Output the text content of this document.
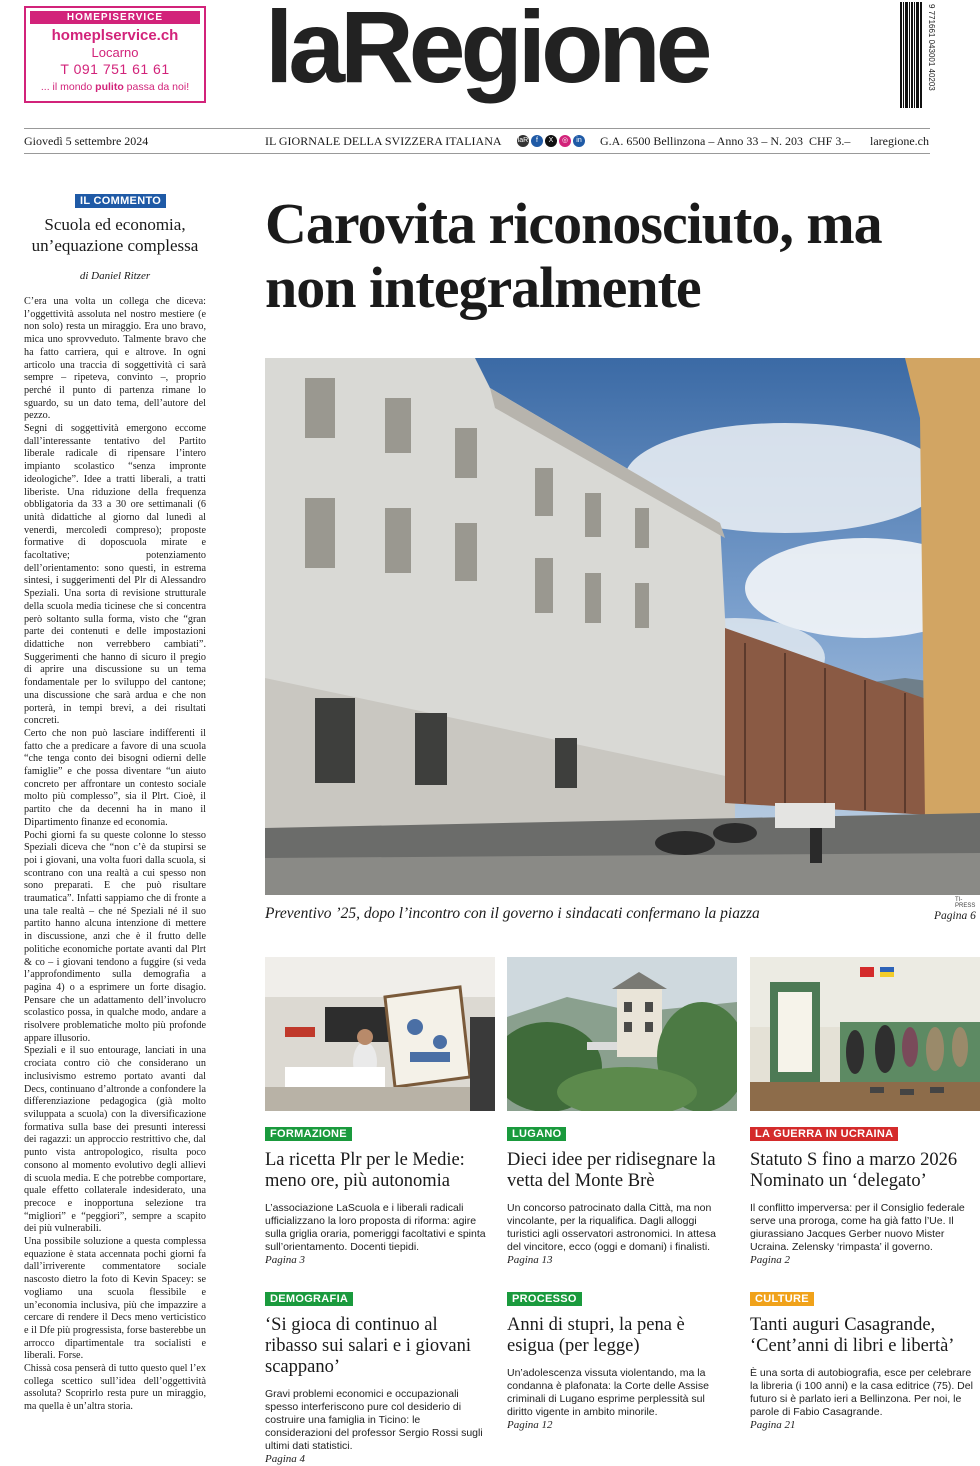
HOMEPISERVICE
homeplservice.ch
Locarno
T 091 751 61 61
... il mondo pulito passa da noi! laRegione	9 771661 043001 40203
Giovedì 5 settembre 2024	IL GIORNALE DELLA SVIZZERA ITALIANA laR	f	X	◎	in G.A. 6500 Bellinzona – Anno 33 – N. 203 CHF 3.– laregione.ch
IL COMMENTO
Scuola ed economia, un’equazione complessa
di Daniel Ritzer

C’era una volta un collega che diceva: l’oggettività assoluta nel nostro mestiere (e non solo) resta un miraggio. Era uno bravo, mica uno sprovveduto. Talmente bravo che ha fatto carriera, qui e altrove. In ogni articolo una traccia di soggettività ci sarà sempre – ripeteva, convinto –, proprio perché il punto di partenza rimane lo sguardo, su un dato tema, dell’autore del pezzo.

Segni di soggettività emergono eccome dall’interessante tentativo del Partito liberale radicale di ripensare l’intero impianto scolastico “senza impronte ideologiche”. Idee a tratti liberali, a tratti liberiste. Una riduzione della frequenza obbligatoria da 33 a 30 ore settimanali (6 unità didattiche al giorno dal lunedì al venerdì, mercoledì compreso); proposte formative di doposcuola mirate e facoltative; potenziamento dell’orientamento: sono questi, in estrema sintesi, i suggerimenti del Plr di Alessandro Speziali. Una sorta di revisione strutturale della scuola media ticinese che si concentra però soltanto sulla forma, visto che “gran parte dei contenuti e delle impostazioni didattiche non verrebbero cambiati”. Suggerimenti che hanno di sicuro il pregio di aprire una discussione su un tema fondamentale per lo sviluppo del cantone; una discussione che sarà ardua e che non porterà, in tempi brevi, a dei risultati concreti.

Certo che non può lasciare indifferenti il fatto che a predicare a favore di una scuola “che tenga conto dei bisogni odierni delle famiglie” e che possa diventare “un aiuto concreto per affrontare un contesto sociale molto più complesso”, sia il Plrt. Cioè, il partito che da decenni ha in mano il Dipartimento finanze ed economia.

Pochi giorni fa su queste colonne lo stesso Speziali diceva che “non c’è da stupirsi se poi i giovani, una volta fuori dalla scuola, si scontrano con una realtà a cui spesso non sono preparati. E che può risultare traumatica”. Infatti sappiamo che di fronte a una tale realtà – che né Speziali né il suo partito hanno alcuna intenzione di mettere in discussione, anzi che è il frutto delle politiche economiche portate avanti dal Plrt & co – i giovani tendono a fuggire (si veda l’approfondimento sulla demografia a pagina 4) o a esprimere un forte disagio. Pensare che un adattamento dell’involucro scolastico possa, in qualche modo, andare a risolvere problematiche molto più profonde appare illusorio.

Speziali e il suo entourage, lanciati in una crociata contro ciò che considerano un inclusivismo estremo portato avanti dal Decs, continuano d’altronde a confondere la differenziazione pedagogica (già molto sviluppata a scuola) con la diversificazione formativa sulla base dei presunti interessi dei ragazzi: un approccio restrittivo che, dal punto vista antropologico, risulta poco consono al momento evolutivo degli allievi di scuola media. E che potrebbe comportare, quale effetto collaterale indesiderato, una precoce e inopportuna selezione tra “migliori” e “peggiori”, sempre a scapito dei più vulnerabili.

Una possibile soluzione a questa complessa equazione è stata accennata pochi giorni fa dall’irriverente commentatore sociale nascosto dietro la foto di Kevin Spacey: se vogliamo una scuola flessibile e un’economia inclusiva, più che impazzire a cercare di rendere il Decs meno verticistico e il Dfe più progressista, forse basterebbe un arrocco dipartimentale tra socialisti e liberali. Forse.

Chissà cosa penserà di tutto questo quel l’ex collega scettico sull’idea dell’oggettività assoluta? Scoprirlo resta pure un miraggio, ma quella è un’altra storia.

Carovita riconosciuto, ma non integralmente
TI-PRESS
Preventivo ’25, dopo l’incontro con il governo i sindacati confermano la piazza	Pagina 6
FORMAZIONE
La ricetta Plr per le Medie: meno ore, più autonomia
L’associazione LaScuola e i liberali radicali ufficializzano la loro proposta di riforma: agire sulla griglia oraria, pomeriggi facoltativi e spinta sull’orientamento. Docenti tiepidi.
Pagina 3
LUGANO
Dieci idee per ridisegnare la vetta del Monte Brè
Un concorso patrocinato dalla Città, ma non vincolante, per la riqualifica. Dagli alloggi turistici agli osservatori astronomici. In attesa del vincitore, ecco (oggi e domani) i finalisti.
Pagina 13
LA GUERRA IN UCRAINA
Statuto S fino a marzo 2026 Nominato un ‘delegato’
Il conflitto imperversa: per il Consiglio federale serve una proroga, come ha già fatto l’Ue. Il giurassiano Jacques Gerber nuovo Mister Ucraina. Zelensky ‘rimpasta’ il governo.
Pagina 2
DEMOGRAFIA
‘Si gioca di continuo al ribasso sui salari e i giovani scappano’
Gravi problemi economici e occupazionali spesso interferiscono pure col desiderio di costruire una famiglia in Ticino: le considerazioni del professor Sergio Rossi sugli ultimi dati statistici.
Pagina 4
PROCESSO
Anni di stupri, la pena è esigua (per legge)
Un’adolescenza vissuta violentando, ma la condanna è plafonata: la Corte delle Assise criminali di Lugano esprime perplessità sul diritto vigente in ambito minorile.
Pagina 12
CULTURE
Tanti auguri Casagrande, ‘Cent’anni di libri e libertà’
È una sorta di autobiografia, esce per celebrare la libreria (i 100 anni) e la casa editrice (75). Del futuro si è parlato ieri a Bellinzona. Per noi, le parole di Fabio Casagrande.
Pagina 21
